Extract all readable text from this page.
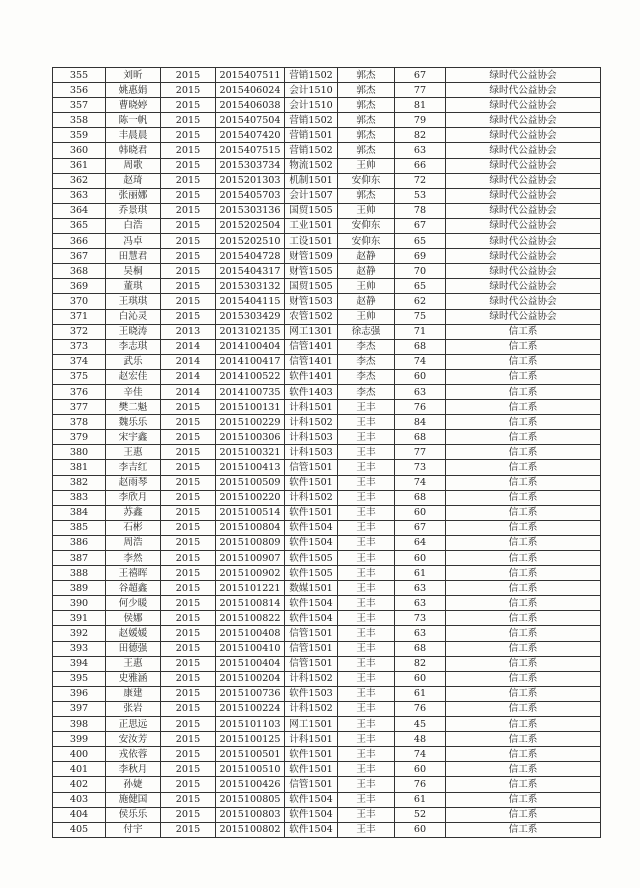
355	刘昕	2015	2015407511	营销1502	郭杰	67	绿时代公益协会
356	姚惠娟	2015	2015406024	会计1510	郭杰	77	绿时代公益协会
357	曹晓婷	2015	2015406038	会计1510	郭杰	81	绿时代公益协会
358	陈一帆	2015	2015407504	营销1502	郭杰	79	绿时代公益协会
359	丰晨晨	2015	2015407420	营销1501	郭杰	82	绿时代公益协会
360	韩晓君	2015	2015407515	营销1502	郭杰	63	绿时代公益协会
361	周歌	2015	2015303734	物流1502	王帅	66	绿时代公益协会
362	赵琦	2015	2015201303	机制1501	安仰东	72	绿时代公益协会
363	张丽娜	2015	2015405703	会计1507	郭杰	53	绿时代公益协会
364	乔景琪	2015	2015303136	国贸1505	王帅	78	绿时代公益协会
365	白浩	2015	2015202504	工业1501	安仰东	67	绿时代公益协会
366	冯卓	2015	2015202510	工设1501	安仰东	65	绿时代公益协会
367	田慧君	2015	2015404728	财管1509	赵静	69	绿时代公益协会
368	吴桐	2015	2015404317	财管1505	赵静	70	绿时代公益协会
369	董琪	2015	2015303132	国贸1505	王帅	65	绿时代公益协会
370	王琪琪	2015	2015404115	财管1503	赵静	62	绿时代公益协会
371	白沁灵	2015	2015303429	农管1502	王帅	75	绿时代公益协会
372	王晓涛	2013	2013102135	网工1301	徐志强	71	信工系
373	李志琪	2014	2014100404	信管1401	李杰	68	信工系
374	武乐	2014	2014100417	信管1401	李杰	74	信工系
375	赵宏佳	2014	2014100522	软件1401	李杰	60	信工系
376	辛佳	2014	2014100735	软件1403	李杰	63	信工系
377	樊二魁	2015	2015100131	计科1501	王丰	76	信工系
378	魏乐乐	2015	2015100229	计科1502	王丰	84	信工系
379	宋宇鑫	2015	2015100306	计科1503	王丰	68	信工系
380	王惠	2015	2015100321	计科1503	王丰	77	信工系
381	李吉红	2015	2015100413	信管1501	王丰	73	信工系
382	赵雨琴	2015	2015100509	软件1501	王丰	74	信工系
383	李欣月	2015	2015100220	计科1502	王丰	68	信工系
384	苏鑫	2015	2015100514	软件1501	王丰	60	信工系
385	石彬	2015	2015100804	软件1504	王丰	67	信工系
386	周浩	2015	2015100809	软件1504	王丰	64	信工系
387	李然	2015	2015100907	软件1505	王丰	60	信工系
388	王禧晖	2015	2015100902	软件1505	王丰	61	信工系
389	谷超鑫	2015	2015101221	数媒1501	王丰	63	信工系
390	何少暖	2015	2015100814	软件1504	王丰	63	信工系
391	侯娜	2015	2015100822	软件1504	王丰	73	信工系
392	赵媛媛	2015	2015100408	信管1501	王丰	63	信工系
393	田德强	2015	2015100410	信管1501	王丰	68	信工系
394	王惠	2015	2015100404	信管1501	王丰	82	信工系
395	史雅涵	2015	2015100204	计科1502	王丰	60	信工系
396	康建	2015	2015100736	软件1503	王丰	61	信工系
397	张岩	2015	2015100224	计科1502	王丰	76	信工系
398	正思远	2015	2015101103	网工1501	王丰	45	信工系
399	安汝芳	2015	2015100125	计科1501	王丰	48	信工系
400	戎依蓉	2015	2015100501	软件1501	王丰	74	信工系
401	李秋月	2015	2015100510	软件1501	王丰	60	信工系
402	孙婕	2015	2015100426	信管1501	王丰	76	信工系
403	施健国	2015	2015100805	软件1504	王丰	61	信工系
404	侯乐乐	2015	2015100803	软件1504	王丰	52	信工系
405	付宇	2015	2015100802	软件1504	王丰	60	信工系
